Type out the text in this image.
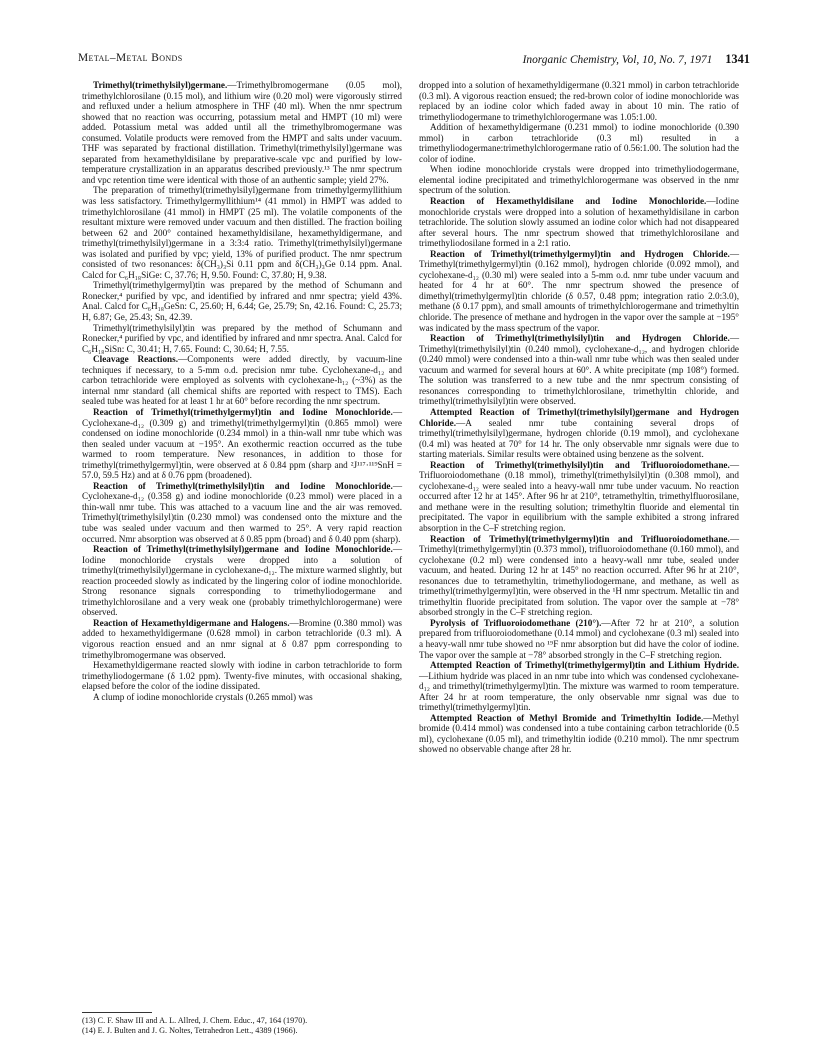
Metal–Metal Bonds	Inorganic Chemistry, Vol, 10, No. 7, 1971 1341

Trimethyl(trimethylsilyl)germane.—Trimethylbromogermane (0.05 mol), trimethylchlorosilane (0.15 mol), and lithium wire (0.20 mol) were vigorously stirred and refluxed under a helium atmosphere in THF (40 ml). When the nmr spectrum showed that no reaction was occurring, potassium metal and HMPT (10 ml) were added. Potassium metal was added until all the trimethylbromogermane was consumed. Volatile products were removed from the HMPT and salts under vacuum. THF was separated by fractional distillation. Trimethyl(trimethylsilyl)germane was separated from hexamethyldisilane by preparative-scale vpc and purified by low-temperature crystallization in an apparatus described previously.¹³ The nmr spectrum and vpc retention time were identical with those of an authentic sample; yield 27%.

The preparation of trimethyl(trimethylsilyl)germane from trimethylgermyllithium was less satisfactory. Trimethylgermyllithium¹⁴ (41 mmol) in HMPT was added to trimethylchlorosilane (41 mmol) in HMPT (25 ml). The volatile components of the resultant mixture were removed under vacuum and then distilled. The fraction boiling between 62 and 200° contained hexamethyldisilane, hexamethyldigermane, and trimethyl(trimethylsilyl)germane in a 3:3:4 ratio. Trimethyl(trimethylsilyl)germane was isolated and purified by vpc; yield, 13% of purified product. The nmr spectrum consisted of two resonances: δ(CH₃)₃Si 0.11 ppm and δ(CH₃)₃Ge 0.14 ppm. Anal. Calcd for C₆H₁₈SiGe: C, 37.76; H, 9.50. Found: C, 37.80; H, 9.38.

Trimethyl(trimethylgermyl)tin was prepared by the method of Schumann and Ronecker,⁴ purified by vpc, and identified by infrared and nmr spectra; yield 43%. Anal. Calcd for C₆H₁₈GeSn: C, 25.60; H, 6.44; Ge, 25.79; Sn, 42.16. Found: C, 25.73; H, 6.87; Ge, 25.43; Sn, 42.39.

Trimethyl(trimethylsilyl)tin was prepared by the method of Schumann and Ronecker,⁴ purified by vpc, and identified by infrared and nmr spectra. Anal. Calcd for C₆H₁₈SiSn: C, 30.41; H, 7.65. Found: C, 30.64; H, 7.55.

Cleavage Reactions.—Components were added directly, by vacuum-line techniques if necessary, to a 5-mm o.d. precision nmr tube. Cyclohexane-d₁₂ and carbon tetrachloride were employed as solvents with cyclohexane-h₁₂ (~3%) as the internal nmr standard (all chemical shifts are reported with respect to TMS). Each sealed tube was heated for at least 1 hr at 60° before recording the nmr spectrum.

Reaction of Trimethyl(trimethylgermyl)tin and Iodine Monochloride.—Cyclohexane-d₁₂ (0.309 g) and trimethyl(trimethylgermyl)tin (0.865 mmol) were condensed on iodine monochloride (0.234 mmol) in a thin-wall nmr tube which was then sealed under vacuum at −195°. An exothermic reaction occurred as the tube warmed to room temperature. New resonances, in addition to those for trimethyl(trimethylgermyl)tin, were observed at δ 0.84 ppm (sharp and ²J¹¹⁷·¹¹⁹SnH = 57.0, 59.5 Hz) and at δ 0.76 ppm (broadened).

Reaction of Trimethyl(trimethylsilyl)tin and Iodine Monochloride.—Cyclohexane-d₁₂ (0.358 g) and iodine monochloride (0.23 mmol) were placed in a thin-wall nmr tube. This was attached to a vacuum line and the air was removed. Trimethyl(trimethylsilyl)tin (0.230 mmol) was condensed onto the mixture and the tube was sealed under vacuum and then warmed to 25°. A very rapid reaction occurred. Nmr absorption was observed at δ 0.85 ppm (broad) and δ 0.40 ppm (sharp).

Reaction of Trimethyl(trimethylsilyl)germane and Iodine Monochloride.—Iodine monochloride crystals were dropped into a solution of trimethyl(trimethylsilyl)germane in cyclohexane-d₁₂. The mixture warmed slightly, but reaction proceeded slowly as indicated by the lingering color of iodine monochloride. Strong resonance signals corresponding to trimethyliodogermane and trimethylchlorosilane and a very weak one (probably trimethylchlorogermane) were observed.

Reaction of Hexamethyldigermane and Halogens.—Bromine (0.380 mmol) was added to hexamethyldigermane (0.628 mmol) in carbon tetrachloride (0.3 ml). A vigorous reaction ensued and an nmr signal at δ 0.87 ppm corresponding to trimethylbromogermane was observed.

Hexamethyldigermane reacted slowly with iodine in carbon tetrachloride to form trimethyliodogermane (δ 1.02 ppm). Twenty-five minutes, with occasional shaking, elapsed before the color of the iodine dissipated.

A clump of iodine monochloride crystals (0.265 mmol) was

dropped into a solution of hexamethyldigermane (0.321 mmol) in carbon tetrachloride (0.3 ml). A vigorous reaction ensued; the red-brown color of iodine monochloride was replaced by an iodine color which faded away in about 10 min. The ratio of trimethyliodogermane to trimethylchlorogermane was 1.05:1.00.

Addition of hexamethyldigermane (0.231 mmol) to iodine monochloride (0.390 mmol) in carbon tetrachloride (0.3 ml) resulted in a trimethyliodogermane:trimethylchlorogermane ratio of 0.56:1.00. The solution had the color of iodine.

When iodine monochloride crystals were dropped into trimethyliodogermane, elemental iodine precipitated and trimethylchlorogermane was observed in the nmr spectrum of the solution.

Reaction of Hexamethyldisilane and Iodine Monochloride.—Iodine monochloride crystals were dropped into a solution of hexamethyldisilane in carbon tetrachloride. The solution slowly assumed an iodine color which had not disappeared after several hours. The nmr spectrum showed that trimethylchlorosilane and trimethyliodosilane formed in a 2:1 ratio.

Reaction of Trimethyl(trimethylgermyl)tin and Hydrogen Chloride.—Trimethyl(trimethylgermyl)tin (0.162 mmol), hydrogen chloride (0.092 mmol), and cyclohexane-d₁₂ (0.30 ml) were sealed into a 5-mm o.d. nmr tube under vacuum and heated for 4 hr at 60°. The nmr spectrum showed the presence of dimethyl(trimethylgermyl)tin chloride (δ 0.57, 0.48 ppm; integration ratio 2.0:3.0), methane (δ 0.17 ppm), and small amounts of trimethylchlorogermane and trimethyltin chloride. The presence of methane and hydrogen in the vapor over the sample at −195° was indicated by the mass spectrum of the vapor.

Reaction of Trimethyl(trimethylsilyl)tin and Hydrogen Chloride.—Trimethyl(trimethylsilyl)tin (0.240 mmol), cyclohexane-d₁₂, and hydrogen chloride (0.240 mmol) were condensed into a thin-wall nmr tube which was then sealed under vacuum and warmed for several hours at 60°. A white precipitate (mp 108°) formed. The solution was transferred to a new tube and the nmr spectrum consisting of resonances corresponding to trimethylchlorosilane, trimethyltin chloride, and trimethyl(trimethylsilyl)tin were observed.

Attempted Reaction of Trimethyl(trimethylsilyl)germane and Hydrogen Chloride.—A sealed nmr tube containing several drops of trimethyl(trimethylsilyl)germane, hydrogen chloride (0.19 mmol), and cyclohexane (0.4 ml) was heated at 70° for 14 hr. The only observable nmr signals were due to starting materials. Similar results were obtained using benzene as the solvent.

Reaction of Trimethyl(trimethylsilyl)tin and Trifluoroiodomethane.—Trifluoroiodomethane (0.18 mmol), trimethyl(trimethylsilyl)tin (0.308 mmol), and cyclohexane-d₁₂ were sealed into a heavy-wall nmr tube under vacuum. No reaction occurred after 12 hr at 145°. After 96 hr at 210°, tetramethyltin, trimethylfluorosilane, and methane were in the resulting solution; trimethyltin fluoride and elemental tin precipitated. The vapor in equilibrium with the sample exhibited a strong infrared absorption in the C–F stretching region.

Reaction of Trimethyl(trimethylgermyl)tin and Trifluoroiodomethane.—Trimethyl(trimethylgermyl)tin (0.373 mmol), trifluoroiodomethane (0.160 mmol), and cyclohexane (0.2 ml) were condensed into a heavy-wall nmr tube, sealed under vacuum, and heated. During 12 hr at 145° no reaction occurred. After 96 hr at 210°, resonances due to tetramethyltin, trimethyliodogermane, and methane, as well as trimethyl(trimethylgermyl)tin, were observed in the ¹H nmr spectrum. Metallic tin and trimethyltin fluoride precipitated from solution. The vapor over the sample at −78° absorbed strongly in the C–F stretching region.

Pyrolysis of Trifluoroiodomethane (210°).—After 72 hr at 210°, a solution prepared from trifluoroiodomethane (0.14 mmol) and cyclohexane (0.3 ml) sealed into a heavy-wall nmr tube showed no ¹⁹F nmr absorption but did have the color of iodine. The vapor over the sample at −78° absorbed strongly in the C–F stretching region.

Attempted Reaction of Trimethyl(trimethylgermyl)tin and Lithium Hydride.—Lithium hydride was placed in an nmr tube into which was condensed cyclohexane-d₁₂ and trimethyl(trimethylgermyl)tin. The mixture was warmed to room temperature. After 24 hr at room temperature, the only observable nmr signal was due to trimethyl(trimethylgermyl)tin.

Attempted Reaction of Methyl Bromide and Trimethyltin Iodide.—Methyl bromide (0.414 mmol) was condensed into a tube containing carbon tetrachloride (0.5 ml), cyclohexane (0.05 ml), and trimethyltin iodide (0.210 mmol). The nmr spectrum showed no observable change after 28 hr.

(13) C. F. Shaw III and A. L. Allred, J. Chem. Educ., 47, 164 (1970).
(14) E. J. Bulten and J. G. Noltes, Tetrahedron Lett., 4389 (1966).
